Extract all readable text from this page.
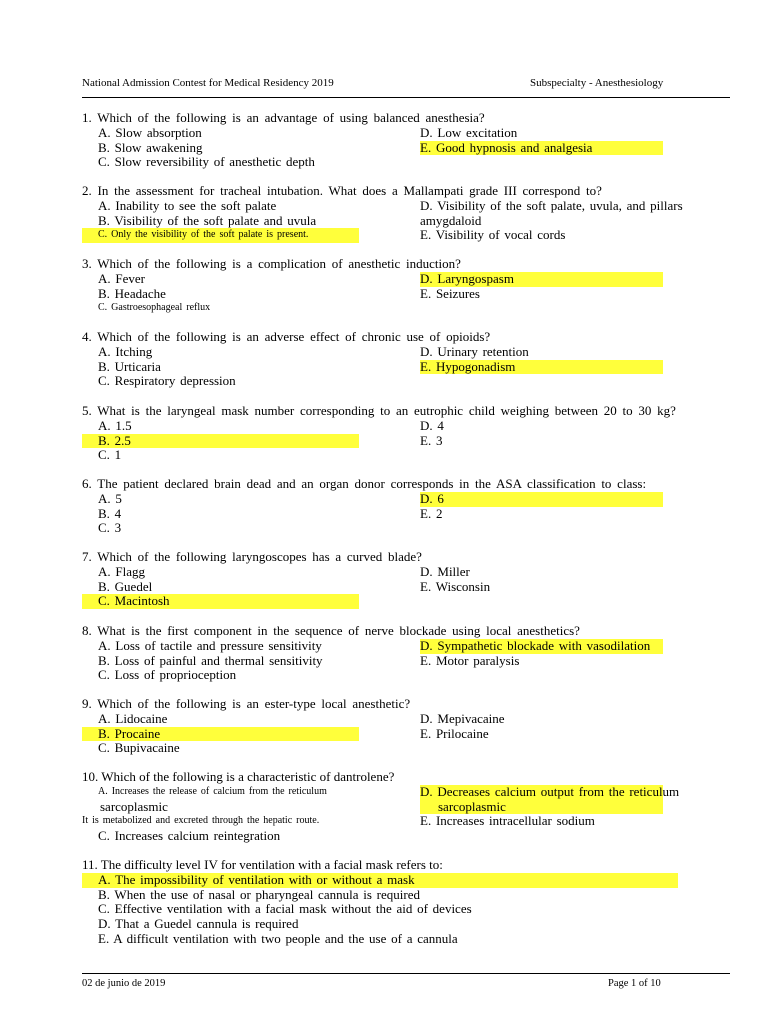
National Admission Contest for Medical Residency 2019	Subspecialty - Anesthesiology
1. Which of the following is an advantage of using balanced anesthesia?
A. Slow absorption
B. Slow awakening
C. Slow reversibility of anesthetic depth
D. Low excitation
E. Good hypnosis and analgesia
2. In the assessment for tracheal intubation. What does a Mallampati grade III correspond to?
A. Inability to see the soft palate
B. Visibility of the soft palate and uvula
C. Only the visibility of the soft palate is present.
D. Visibility of the soft palate, uvula, and pillars
amygdaloid
E. Visibility of vocal cords
3. Which of the following is a complication of anesthetic induction?
A. Fever
B. Headache
C. Gastroesophageal reflux
D. Laryngospasm
E. Seizures
4. Which of the following is an adverse effect of chronic use of opioids?
A. Itching
B. Urticaria
C. Respiratory depression
D. Urinary retention
E. Hypogonadism
5. What is the laryngeal mask number corresponding to an eutrophic child weighing between 20 to 30 kg?
A. 1.5
B. 2.5
C. 1
D. 4
E. 3
6. The patient declared brain dead and an organ donor corresponds in the ASA classification to class:
A. 5
B. 4
C. 3
D. 6
E. 2
7. Which of the following laryngoscopes has a curved blade?
A. Flagg
B. Guedel
C. Macintosh
D. Miller
E. Wisconsin
8. What is the first component in the sequence of nerve blockade using local anesthetics?
A. Loss of tactile and pressure sensitivity
B. Loss of painful and thermal sensitivity
C. Loss of proprioception
D. Sympathetic blockade with vasodilation
E. Motor paralysis
9. Which of the following is an ester-type local anesthetic?
A. Lidocaine
B. Procaine
C. Bupivacaine
D. Mepivacaine
E. Prilocaine
10. Which of the following is a characteristic of dantrolene?
A. Increases the release of calcium from the reticulum
sarcoplasmic
It is metabolized and excreted through the hepatic route.
C. Increases calcium reintegration
D. Decreases calcium output from the reticulum
sarcoplasmic
E. Increases intracellular sodium
11. The difficulty level IV for ventilation with a facial mask refers to:
A. The impossibility of ventilation with or without a mask
B. When the use of nasal or pharyngeal cannula is required
C. Effective ventilation with a facial mask without the aid of devices
D. That a Guedel cannula is required
E. A difficult ventilation with two people and the use of a cannula
02 de junio de 2019	Page 1 of 10
